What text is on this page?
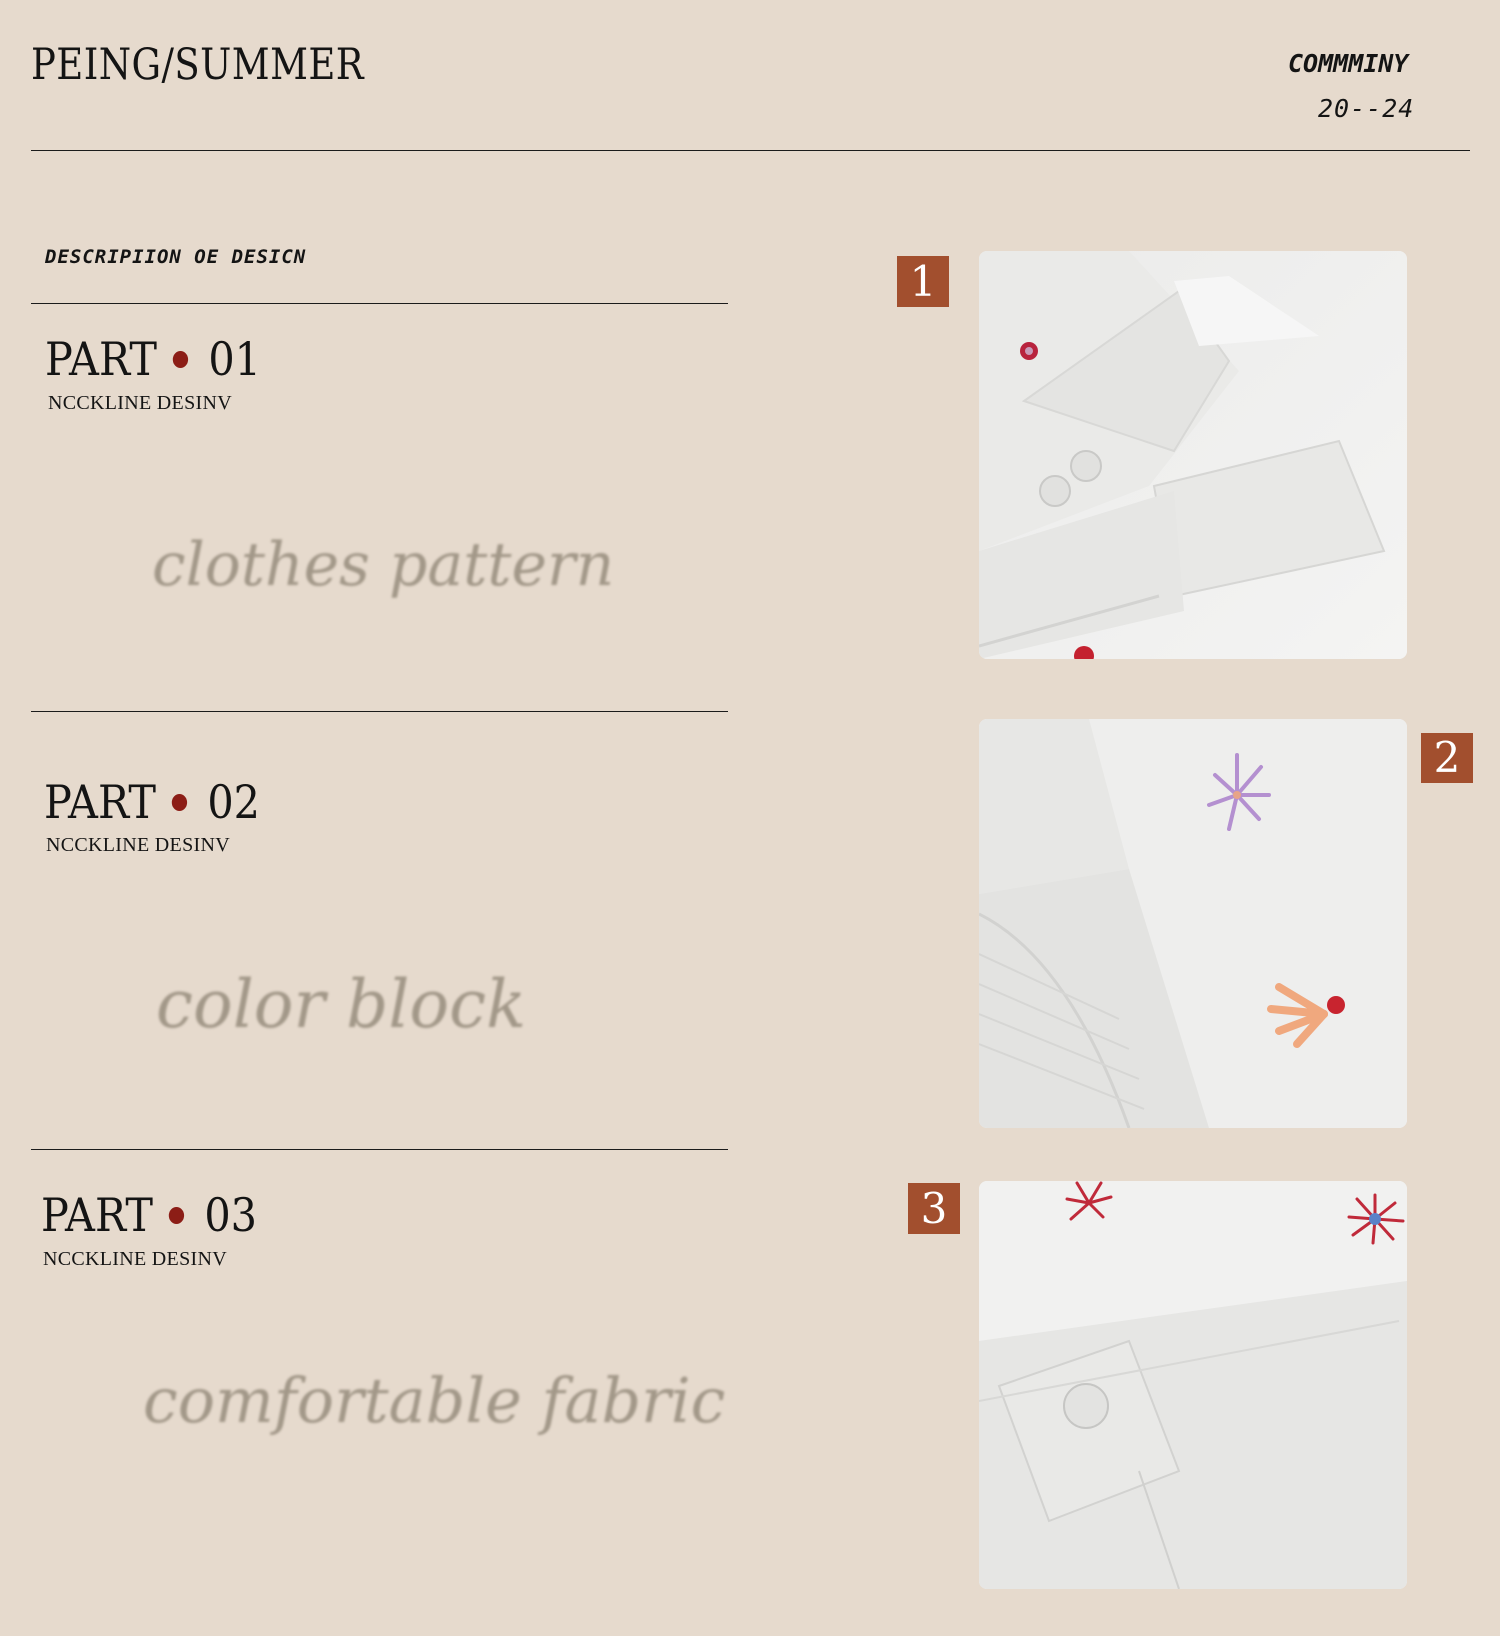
PEING/SUMMER	COMMMINY
20--24
DESCRIPIION OE DESICN
PART 01
NCCKLINE DESINV
clothes pattern
PART 02
NCCKLINE DESINV
color block
PART 03
NCCKLINE DESINV
comfortable fabric
1
2
3
